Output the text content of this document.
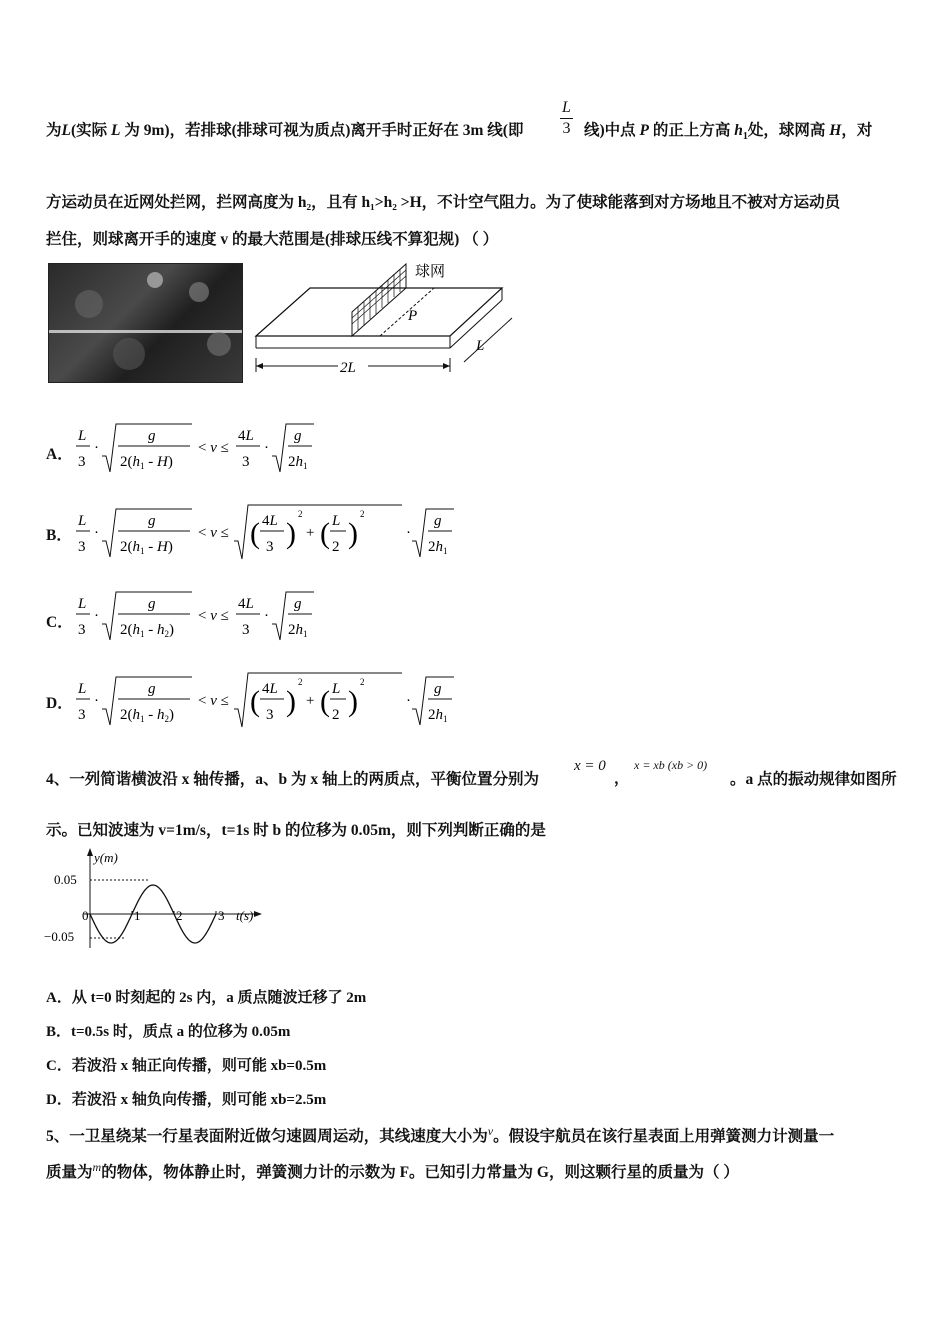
为L(实际 L 为 9m)，若排球(排球可视为质点)离开手时正好在 3m 线(即 $\frac{L}{3}$ 线)中点 P 的正上方高 $h_1$处，球网高 H，对
方运动员在近网处拦网，拦网高度为 h₂，且有 h₁>h₂ >H，不计空气阻力。为了使球能落到对方场地且不被对方运动员
拦住，则球离开手的速度 v 的最大范围是(排球压线不算犯规) （ ）
球网
P
2L
L
A．
L
3
·
g
$2(h_1 - H)$
< v ≤
4L
3
·
g
$2h_1$
B．
L
3
·
g
$2(h_1 - H)$
< v ≤ ( 4L
3 )
2
+ ( L
2 )
2
·
g
$2h_1$
C．
L
3
·
g
$2(h_1 - h_2)$
< v ≤
4L
3
·
g
$2h_1$
D．
L
3
·
g
$2(h_1 - h_2)$
< v ≤ ( 4L
3 )
2
+ ( L
2 )
2
·
g
$2h_1$
4、一列简谐横波沿 x 轴传播，a、b 为 x 轴上的两质点，平衡位置分别为
x = 0
，
x = xb (xb > 0)
。a 点的振动规律如图所
示。已知波速为 v=1m/s，t=1s 时 b 的位移为 0.05m，则下列判断正确的是
y(m)
t(s)
0.05
−0.05
0	1	2	3
A．从 t=0 时刻起的 2s 内，a 质点随波迁移了 2m
B．t=0.5s 时，质点 a 的位移为 0.05m
C．若波沿 x 轴正向传播，则可能 xb=0.5m
D．若波沿 x 轴负向传播，则可能 xb=2.5m
5、一卫星绕某一行星表面附近做匀速圆周运动，其线速度大小为$^v$。假设宇航员在该行星表面上用弹簧测力计测量一
质量为$^m$的物体，物体静止时，弹簧测力计的示数为 F。已知引力常量为 G，则这颗行星的质量为（ ）
